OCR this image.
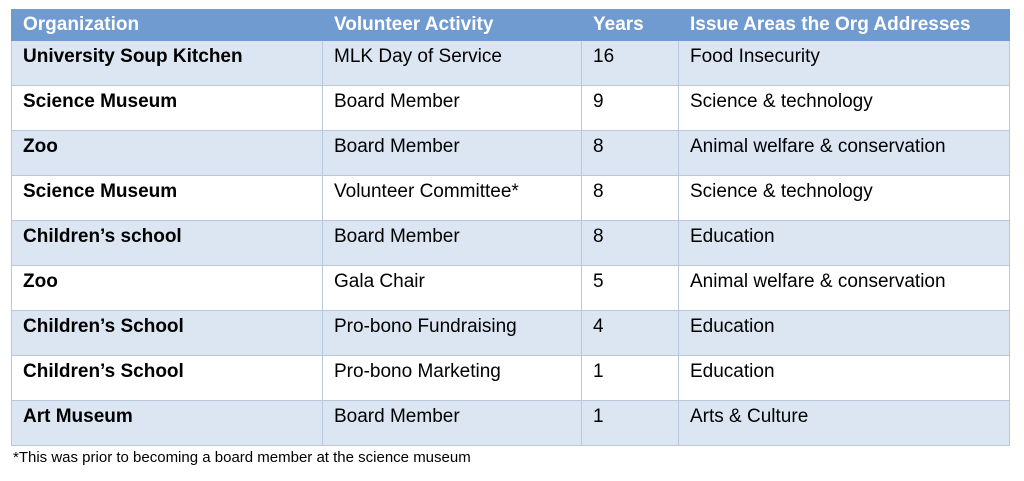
Organization	Volunteer Activity	Years	Issue Areas the Org Addresses

University Soup Kitchen	MLK Day of Service	16	Food Insecurity

Science Museum	Board Member	9	Science & technology

Zoo	Board Member	8	Animal welfare & conservation

Science Museum	Volunteer Committee*	8	Science & technology

Children’s school	Board Member	8	Education

Zoo	Gala Chair	5	Animal welfare & conservation

Children’s School	Pro-bono Fundraising	4	Education

Children’s School	Pro-bono Marketing	1	Education

Art Museum	Board Member	1	Arts & Culture
*This was prior to becoming a board member at the science museum
